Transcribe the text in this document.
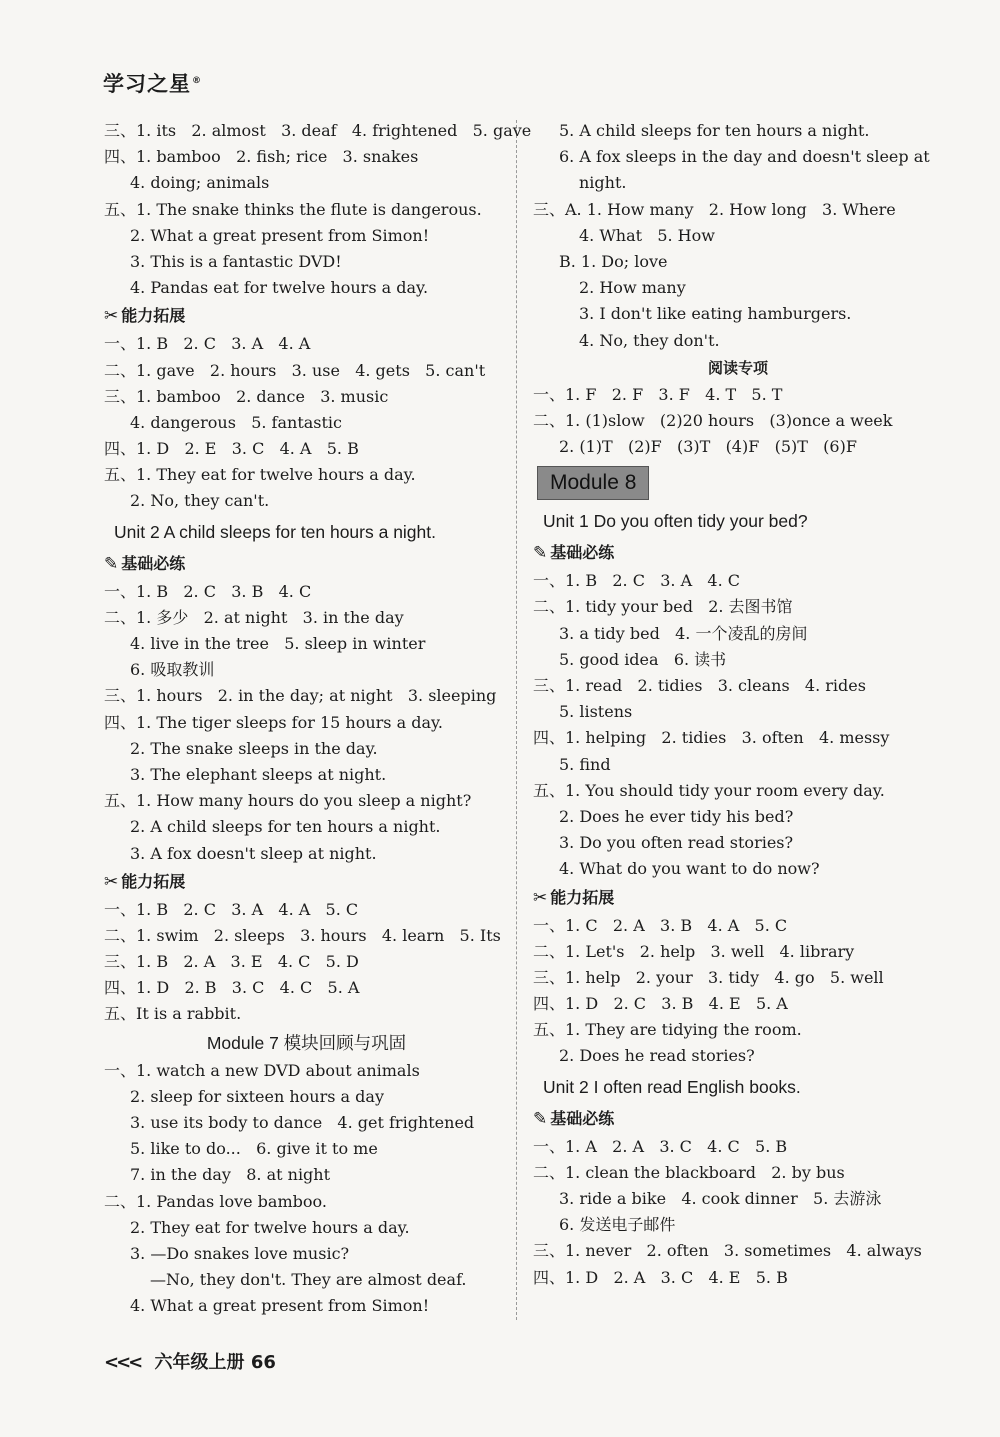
学习之星®
三、1. its   2. almost   3. deaf   4. frightened   5. gave
四、1. bamboo   2. fish; rice   3. snakes
4. doing; animals
五、1. The snake thinks the flute is dangerous.
2. What a great present from Simon!
3. This is a fantastic DVD!
4. Pandas eat for twelve hours a day.
✂ 能力拓展
一、1. B   2. C   3. A   4. A
二、1. gave   2. hours   3. use   4. gets   5. can't
三、1. bamboo   2. dance   3. music
4. dangerous   5. fantastic
四、1. D   2. E   3. C   4. A   5. B
五、1. They eat for twelve hours a day.
2. No, they can't.
Unit 2 A child sleeps for ten hours a night.
✎ 基础必练
一、1. B   2. C   3. B   4. C
二、1. 多少   2. at night   3. in the day
4. live in the tree   5. sleep in winter
6. 吸取教训
三、1. hours   2. in the day; at night   3. sleeping
四、1. The tiger sleeps for 15 hours a day.
2. The snake sleeps in the day.
3. The elephant sleeps at night.
五、1. How many hours do you sleep a night?
2. A child sleeps for ten hours a night.
3. A fox doesn't sleep at night.
✂ 能力拓展
一、1. B   2. C   3. A   4. A   5. C
二、1. swim   2. sleeps   3. hours   4. learn   5. Its
三、1. B   2. A   3. E   4. C   5. D
四、1. D   2. B   3. C   4. C   5. A
五、It is a rabbit.
Module 7 模块回顾与巩固
一、1. watch a new DVD about animals
2. sleep for sixteen hours a day
3. use its body to dance   4. get frightened
5. like to do...   6. give it to me
7. in the day   8. at night
二、1. Pandas love bamboo.
2. They eat for twelve hours a day.
3. —Do snakes love music?
—No, they don't. They are almost deaf.
4. What a great present from Simon!
5. A child sleeps for ten hours a night.
6. A fox sleeps in the day and doesn't sleep at
night.
三、A. 1. How many   2. How long   3. Where
4. What   5. How
B. 1. Do; love
2. How many
3. I don't like eating hamburgers.
4. No, they don't.
阅读专项
一、1. F   2. F   3. F   4. T   5. T
二、1. (1)slow   (2)20 hours   (3)once a week
2. (1)T   (2)F   (3)T   (4)F   (5)T   (6)F
Module 8
Unit 1 Do you often tidy your bed?
✎ 基础必练
一、1. B   2. C   3. A   4. C
二、1. tidy your bed   2. 去图书馆
3. a tidy bed   4. 一个凌乱的房间
5. good idea   6. 读书
三、1. read   2. tidies   3. cleans   4. rides
5. listens
四、1. helping   2. tidies   3. often   4. messy
5. find
五、1. You should tidy your room every day.
2. Does he ever tidy his bed?
3. Do you often read stories?
4. What do you want to do now?
✂ 能力拓展
一、1. C   2. A   3. B   4. A   5. C
二、1. Let's   2. help   3. well   4. library
三、1. help   2. your   3. tidy   4. go   5. well
四、1. D   2. C   3. B   4. E   5. A
五、1. They are tidying the room.
2. Does he read stories?
Unit 2 I often read English books.
✎ 基础必练
一、1. A   2. A   3. C   4. C   5. B
二、1. clean the blackboard   2. by bus
3. ride a bike   4. cook dinner   5. 去游泳
6. 发送电子邮件
三、1. never   2. often   3. sometimes   4. always
四、1. D   2. A   3. C   4. E   5. B
<<< 六年级上册 66
